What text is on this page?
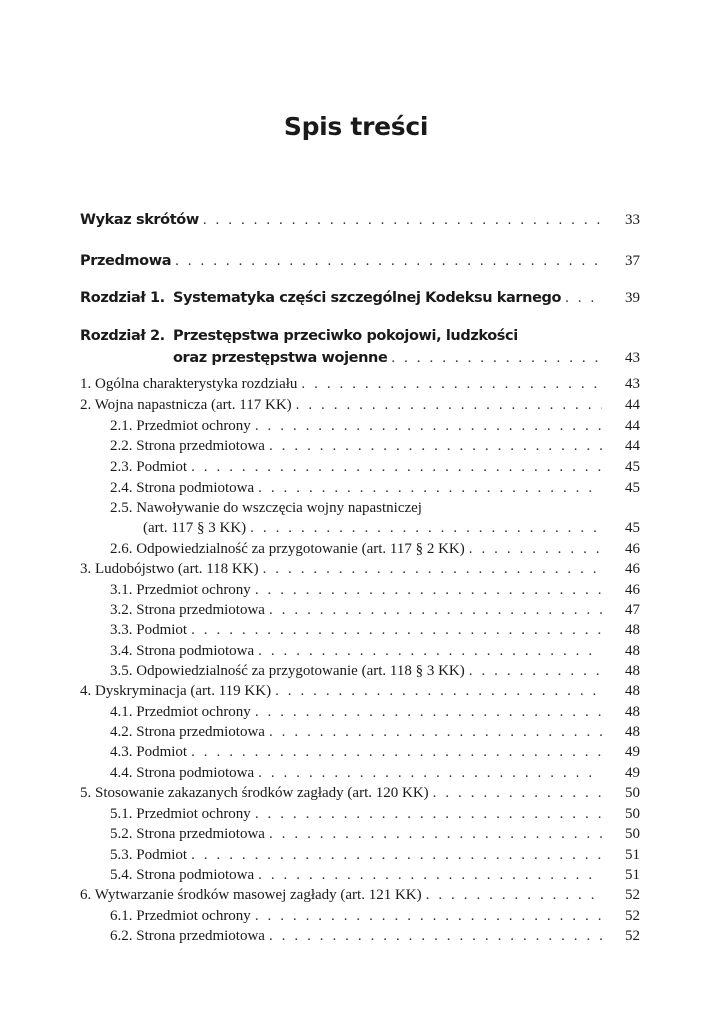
Spis treści
Wykaz skrótów . . .	33
Przedmowa . . .	37
Rozdział 1. Systematyka części szczególnej Kodeksu karnego . . .	39
Rozdział 2. Przestępstwa przeciwko pokojowi, ludzkości
oraz przestępstwa wojenne . . .	43
1. Ogólna charakterystyka rozdziału . . .	43
2. Wojna napastnicza (art. 117 KK) . . .	44
2.1. Przedmiot ochrony . . .	44
2.2. Strona przedmiotowa . . .	44
2.3. Podmiot . . .	45
2.4. Strona podmiotowa . . .	45
2.5. Nawoływanie do wszczęcia wojny napastniczej
(art. 117 § 3 KK) . . .	45
2.6. Odpowiedzialność za przygotowanie (art. 117 § 2 KK) . . .	46
3. Ludobójstwo (art. 118 KK) . . .	46
3.1. Przedmiot ochrony . . .	46
3.2. Strona przedmiotowa . . .	47
3.3. Podmiot . . .	48
3.4. Strona podmiotowa . . .	48
3.5. Odpowiedzialność za przygotowanie (art. 118 § 3 KK) . . .	48
4. Dyskryminacja (art. 119 KK) . . .	48
4.1. Przedmiot ochrony . . .	48
4.2. Strona przedmiotowa . . .	48
4.3. Podmiot . . .	49
4.4. Strona podmiotowa . . .	49
5. Stosowanie zakazanych środków zagłady (art. 120 KK) . . .	50
5.1. Przedmiot ochrony . . .	50
5.2. Strona przedmiotowa . . .	50
5.3. Podmiot . . .	51
5.4. Strona podmiotowa . . .	51
6. Wytwarzanie środków masowej zagłady (art. 121 KK) . . .	52
6.1. Przedmiot ochrony . . .	52
6.2. Strona przedmiotowa . . .	52
